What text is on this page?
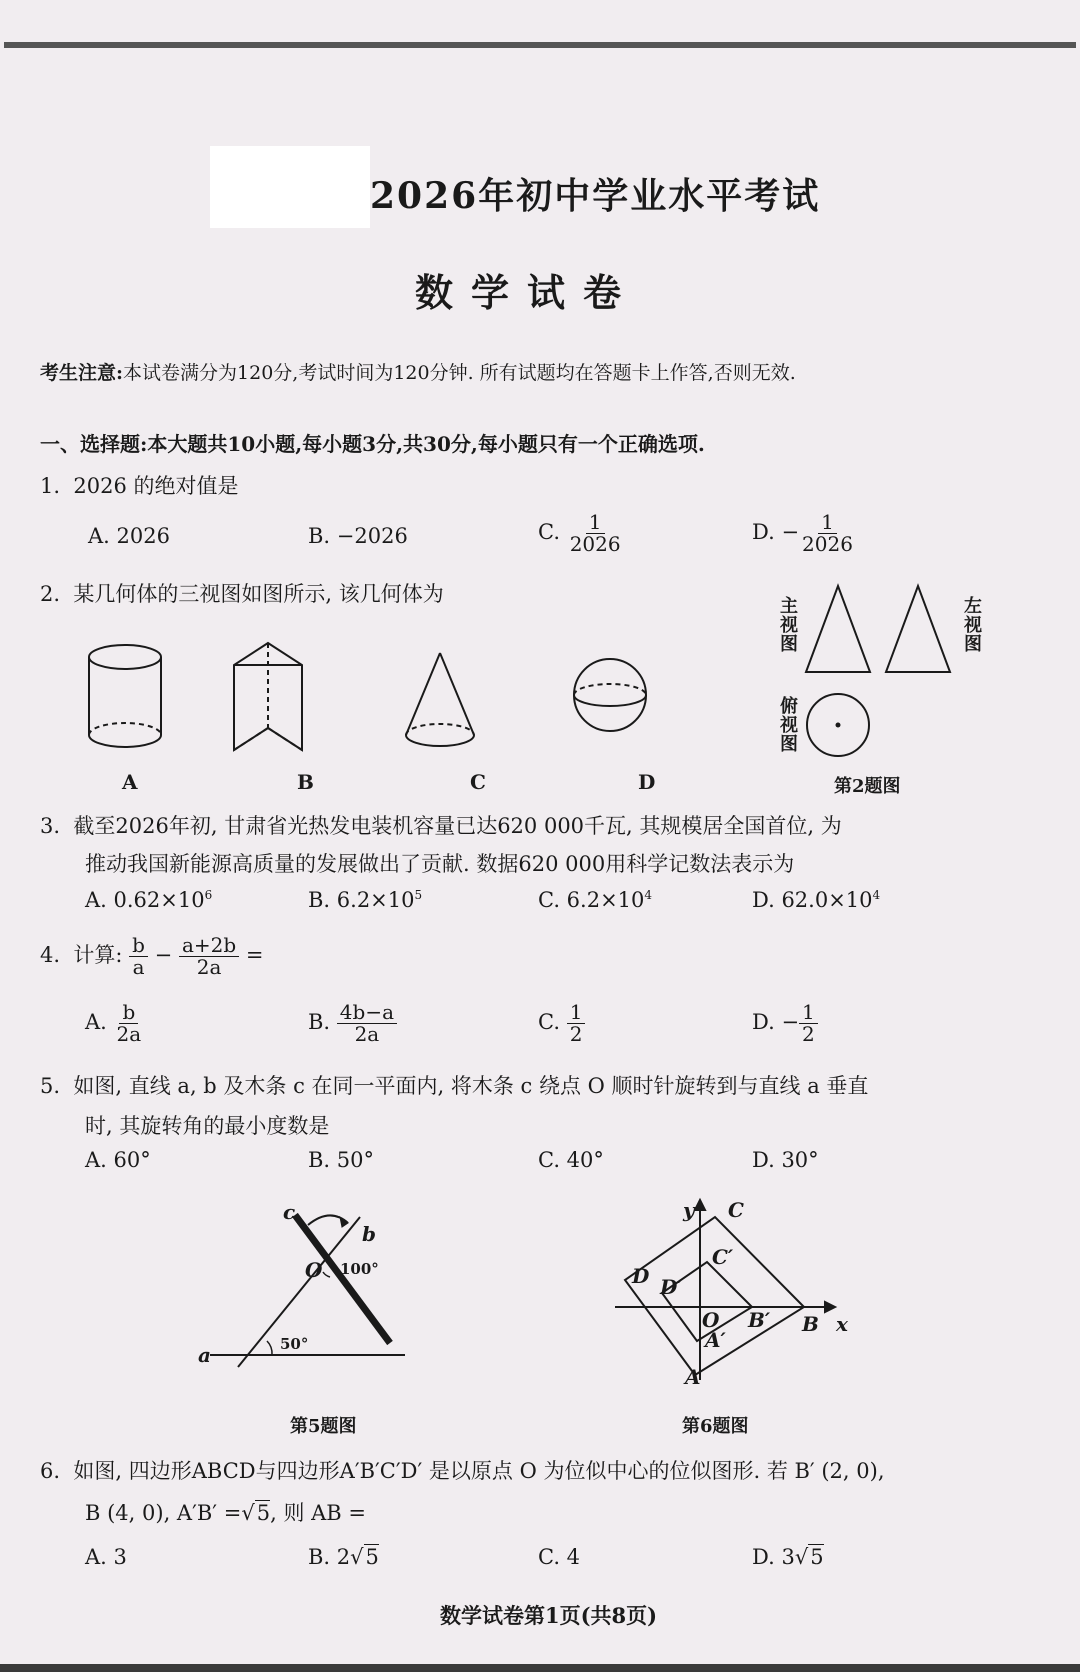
2026年初中学业水平考试
数学试卷
考生注意:本试卷满分为120分,考试时间为120分钟. 所有试题均在答题卡上作答,否则无效.
一、选择题:本大题共10小题,每小题3分,共30分,每小题只有一个正确选项.
1. 2026 的绝对值是
A. 2026	B. −2026	C. $\frac{1}{2026}$	D. − $\frac{1}{2026}$
2. 某几何体的三视图如图所示, 该几何体为
A	B	C	D
主视图	左视图
俯视图
第2题图
3. 截至2026年初, 甘肃省光热发电装机容量已达620 000千瓦, 其规模居全国首位, 为
推动我国新能源高质量的发展做出了贡献. 数据620 000用科学记数法表示为
A. $0.62\times 10^6$	B. $6.2\times 10^5$	C. $6.2\times 10^4$	D. $62.0\times 10^4$
4. 计算: $\frac{b}{a} - \frac{a+2b}{2a}$ =
A. $\frac{b}{2a}$	B. $\frac{4b-a}{2a}$	C. $\frac{1}{2}$	D. − $\frac{1}{2}$
5. 如图, 直线 a, b 及木条 c 在同一平面内, 将木条 c 绕点 O 顺时针旋转到与直线 a 垂直
时, 其旋转角的最小度数是
A. 60°	B. 50°	C. 40°	D. 30°
c
b
O 100°
50°
a
第5题图
y C
C′
D D′
O B′ B x
A′
A
第6题图
6. 如图, 四边形ABCD与四边形A′B′C′D′ 是以原点 O 为位似中心的位似图形. 若 B′ (2, 0),
B (4, 0), A′B′ =√5, 则 AB =
A. 3	B. 2√5	C. 4	D. 3√5
数学试卷第1页(共8页)
